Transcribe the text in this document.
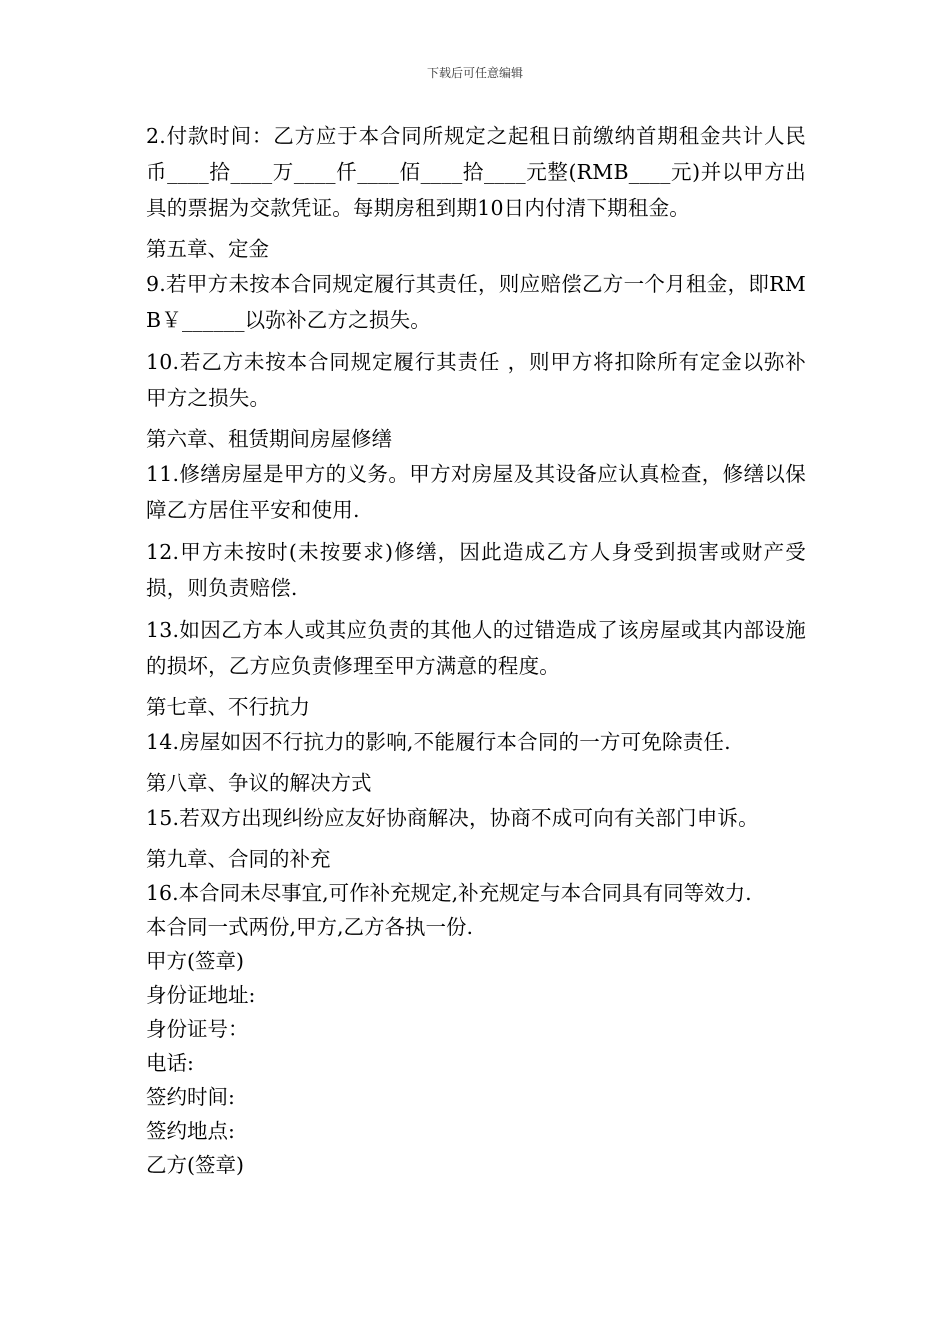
下载后可任意编辑

2.付款时间：乙方应于本合同所规定之起租日前缴纳首期租金共计人民币____拾____万____仟____佰____拾____元整(RMB____元)并以甲方出具的票据为交款凭证。每期房租到期10日内付清下期租金。

第五章、定金

9.若甲方未按本合同规定履行其责任，则应赔偿乙方一个月租金，即RMB￥______以弥补乙方之损失。

10.若乙方未按本合同规定履行其责任 ，则甲方将扣除所有定金以弥补甲方之损失。

第六章、租赁期间房屋修缮

11.修缮房屋是甲方的义务。甲方对房屋及其设备应认真检查，修缮以保障乙方居住平安和使用.

12.甲方未按时(未按要求)修缮，因此造成乙方人身受到损害或财产受损，则负责赔偿.

13.如因乙方本人或其应负责的其他人的过错造成了该房屋或其内部设施的损坏，乙方应负责修理至甲方满意的程度。

第七章、不行抗力

14.房屋如因不行抗力的影响,不能履行本合同的一方可免除责任.

第八章、争议的解决方式

15.若双方出现纠纷应友好协商解决，协商不成可向有关部门申诉。

第九章、合同的补充

16.本合同未尽事宜,可作补充规定,补充规定与本合同具有同等效力.

本合同一式两份,甲方,乙方各执一份.

甲方(签章)

身份证地址:

身份证号：

电话:

签约时间:

签约地点:

乙方(签章)
